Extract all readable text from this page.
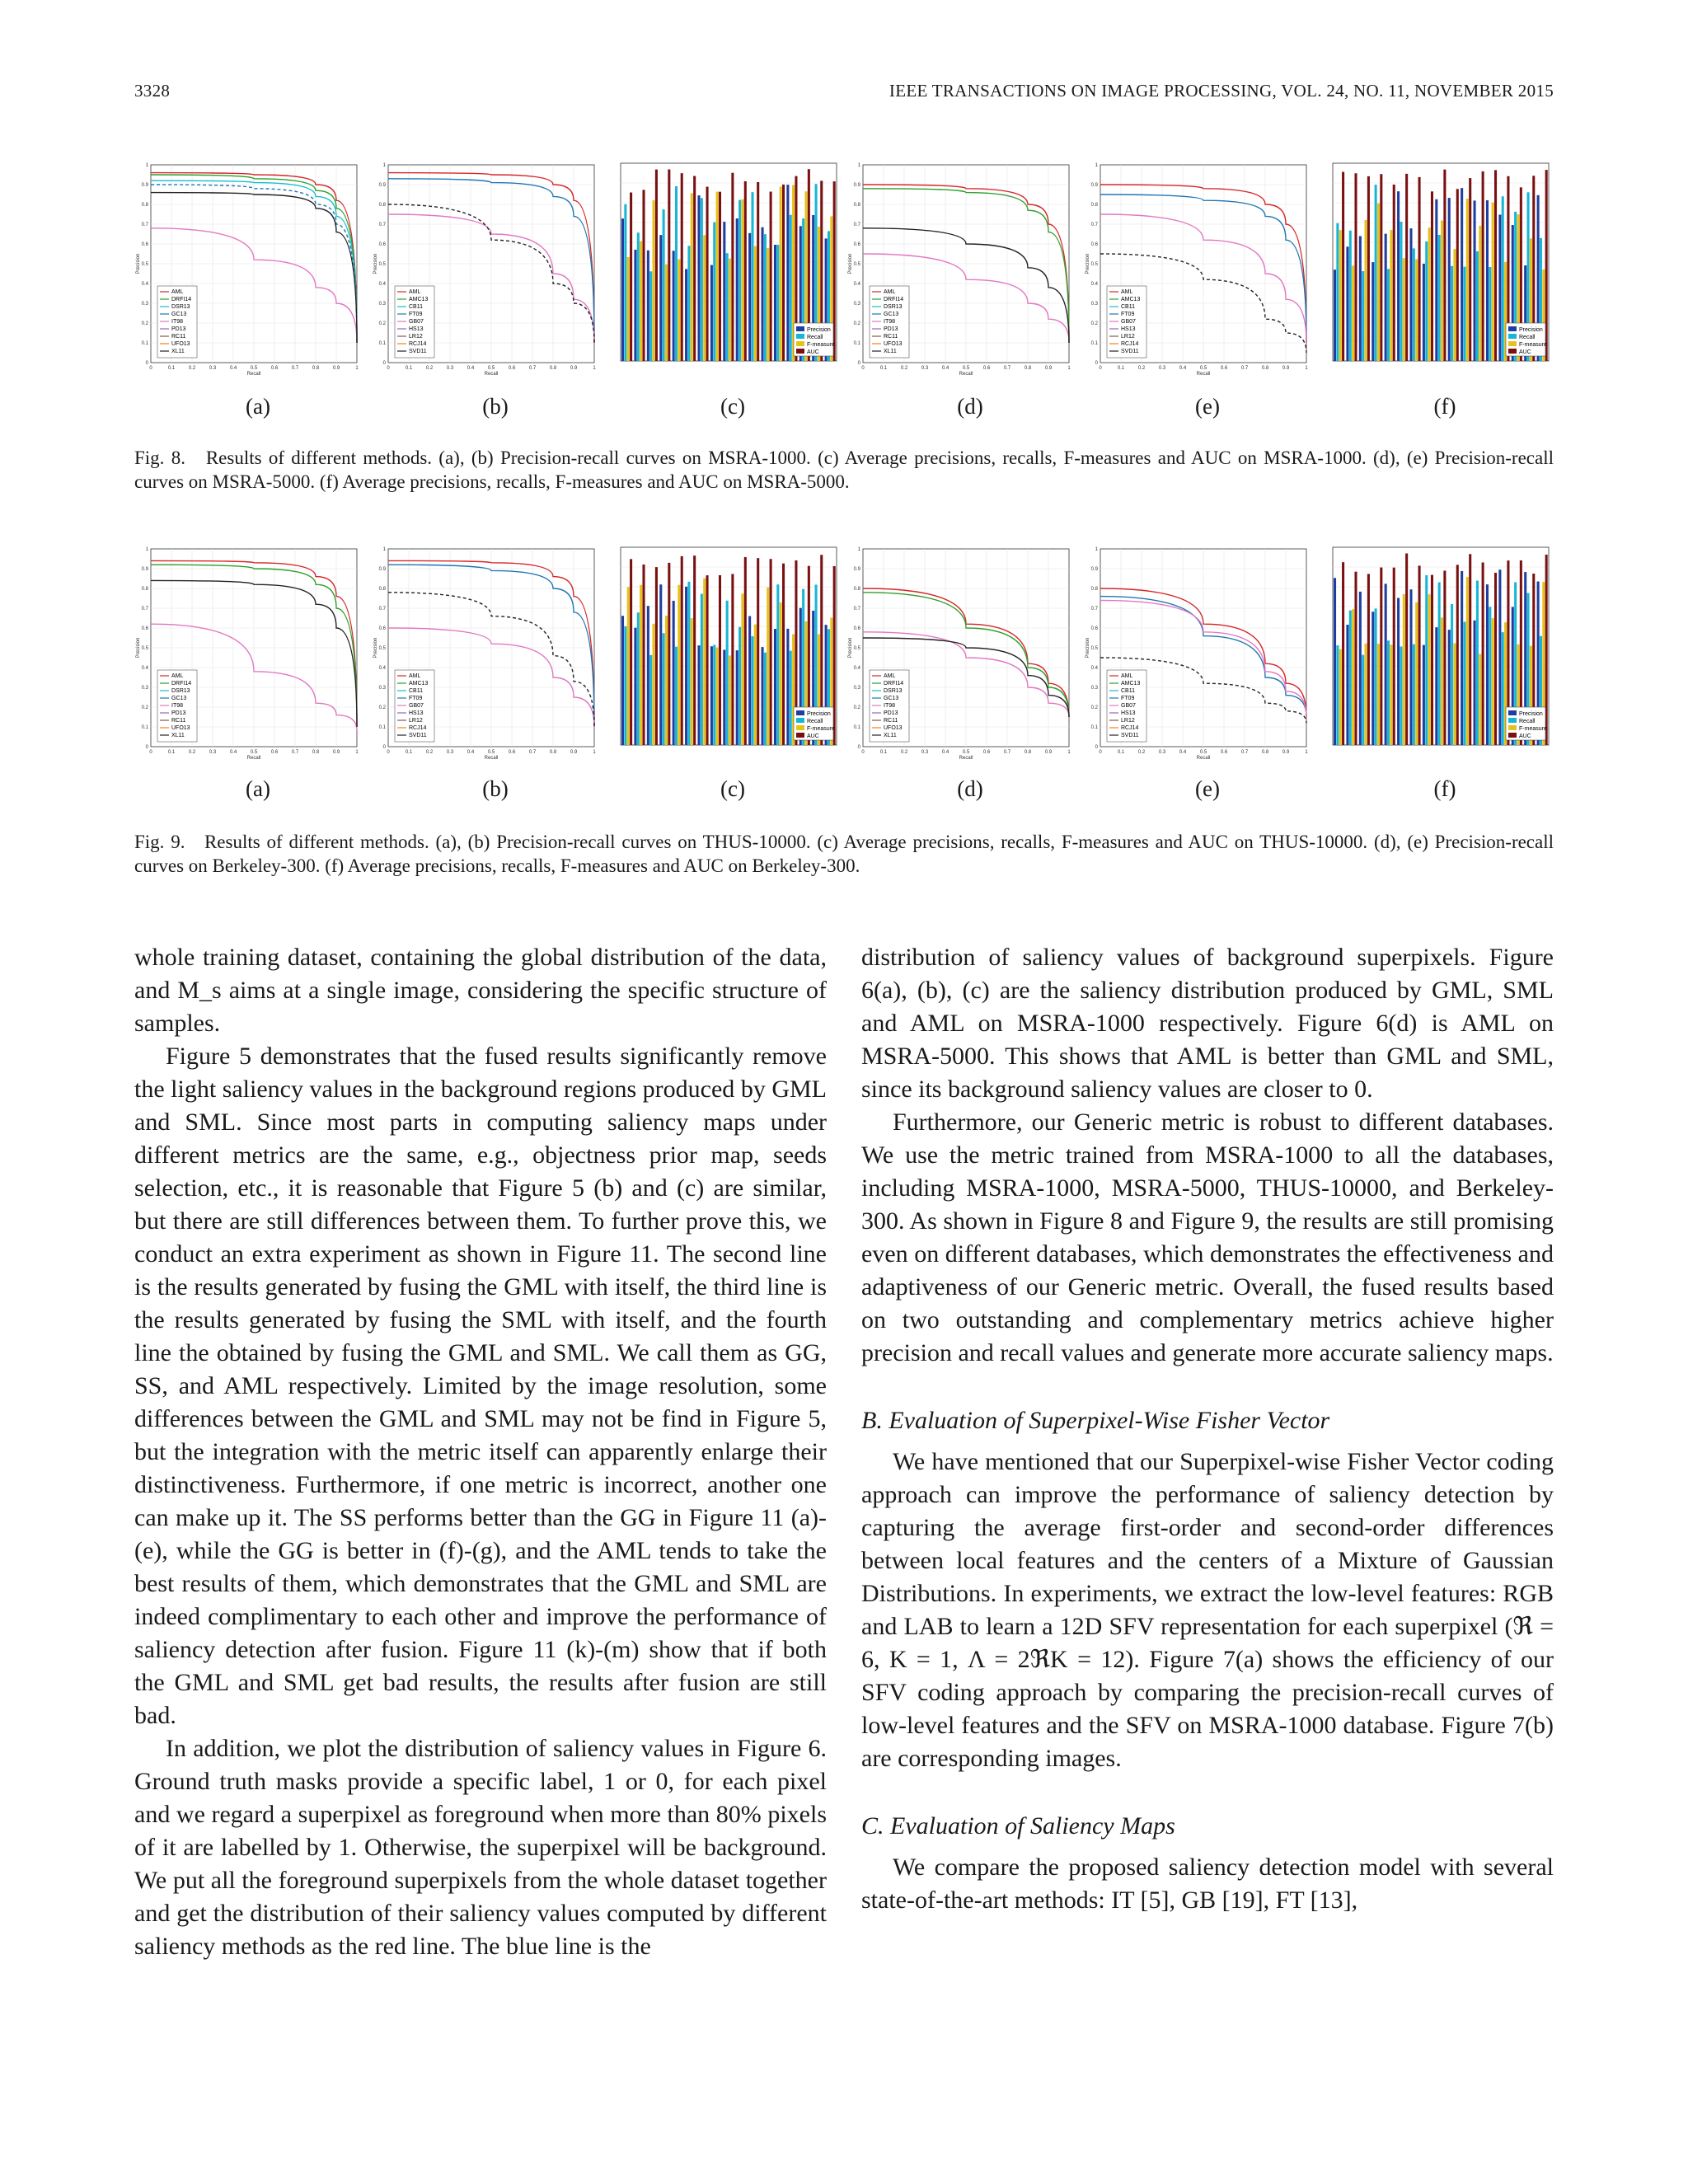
3328	IEEE TRANSACTIONS ON IMAGE PROCESSING, VOL. 24, NO. 11, NOVEMBER 2015
0
0
0.1
0.1
0.2
0.2
0.3
0.3
0.4
0.4
0.5
0.5
0.6
0.6
0.7
0.7
0.8
0.8
0.9
0.9
1
1
Recall
Precision
AML
DRFI14
DSR13
GC13
IT98
PD13
RC11
UFO13
XL11
0
0
0.1
0.1
0.2
0.2
0.3
0.3
0.4
0.4
0.5
0.5
0.6
0.6
0.7
0.7
0.8
0.8
0.9
0.9
1
1
Recall
Precision
AML
AMC13
CB11
FT09
GB07
HS13
LR12
RCJ14
SVD11
Precision
Recall
F-measure
AUC
0
0
0.1
0.1
0.2
0.2
0.3
0.3
0.4
0.4
0.5
0.5
0.6
0.6
0.7
0.7
0.8
0.8
0.9
0.9
1
1
Recall
Precision
AML
DRFI14
DSR13
GC13
IT98
PD13
RC11
UFO13
XL11
0
0
0.1
0.1
0.2
0.2
0.3
0.3
0.4
0.4
0.5
0.5
0.6
0.6
0.7
0.7
0.8
0.8
0.9
0.9
1
1
Recall
Precision
AML
AMC13
CB11
FT09
GB07
HS13
LR12
RCJ14
SVD11
Precision
Recall
F-measure
AUC
(a)	(b)	(c)	(d)	(e)	(f)
Fig. 8. Results of different methods. (a), (b) Precision-recall curves on MSRA-1000. (c) Average precisions, recalls, F-measures and AUC on MSRA-1000. (d), (e) Precision-recall curves on MSRA-5000. (f) Average precisions, recalls, F-measures and AUC on MSRA-5000.
0
0
0.1
0.1
0.2
0.2
0.3
0.3
0.4
0.4
0.5
0.5
0.6
0.6
0.7
0.7
0.8
0.8
0.9
0.9
1
1
Recall
Precision
AML
DRFI14
DSR13
GC13
IT98
PD13
RC11
UFO13
XL11
0
0
0.1
0.1
0.2
0.2
0.3
0.3
0.4
0.4
0.5
0.5
0.6
0.6
0.7
0.7
0.8
0.8
0.9
0.9
1
1
Recall
Precision
AML
AMC13
CB11
FT09
GB07
HS13
LR12
RCJ14
SVD11
Precision
Recall
F-measure
AUC
0
0
0.1
0.1
0.2
0.2
0.3
0.3
0.4
0.4
0.5
0.5
0.6
0.6
0.7
0.7
0.8
0.8
0.9
0.9
1
1
Recall
Precision
AML
DRFI14
DSR13
GC13
IT98
PD13
RC11
UFO13
XL11
0
0
0.1
0.1
0.2
0.2
0.3
0.3
0.4
0.4
0.5
0.5
0.6
0.6
0.7
0.7
0.8
0.8
0.9
0.9
1
1
Recall
Precision
AML
AMC13
CB11
FT09
GB07
HS13
LR12
RCJ14
SVD11
Precision
Recall
F-measure
AUC
(a)	(b)	(c)	(d)	(e)	(f)
Fig. 9. Results of different methods. (a), (b) Precision-recall curves on THUS-10000. (c) Average precisions, recalls, F-measures and AUC on THUS-10000. (d), (e) Precision-recall curves on Berkeley-300. (f) Average precisions, recalls, F-measures and AUC on Berkeley-300.

whole training dataset, containing the global distribution of the data, and M_s aims at a single image, considering the specific structure of samples.

Figure 5 demonstrates that the fused results significantly remove the light saliency values in the background regions produced by GML and SML. Since most parts in computing saliency maps under different metrics are the same, e.g., objectness prior map, seeds selection, etc., it is reasonable that Figure 5 (b) and (c) are similar, but there are still differences between them. To further prove this, we conduct an extra experiment as shown in Figure 11. The second line is the results generated by fusing the GML with itself, the third line is the results generated by fusing the SML with itself, and the fourth line the obtained by fusing the GML and SML. We call them as GG, SS, and AML respectively. Limited by the image resolution, some differences between the GML and SML may not be find in Figure 5, but the integration with the metric itself can apparently enlarge their distinctiveness. Furthermore, if one metric is incorrect, another one can make up it. The SS performs better than the GG in Figure 11 (a)-(e), while the GG is better in (f)-(g), and the AML tends to take the best results of them, which demonstrates that the GML and SML are indeed complimentary to each other and improve the performance of saliency detection after fusion. Figure 11 (k)-(m) show that if both the GML and SML get bad results, the results after fusion are still bad.

In addition, we plot the distribution of saliency values in Figure 6. Ground truth masks provide a specific label, 1 or 0, for each pixel and we regard a superpixel as foreground when more than 80% pixels of it are labelled by 1. Otherwise, the superpixel will be background. We put all the foreground superpixels from the whole dataset together and get the distribution of their saliency values computed by different saliency methods as the red line. The blue line is the

distribution of saliency values of background superpixels. Figure 6(a), (b), (c) are the saliency distribution produced by GML, SML and AML on MSRA-1000 respectively. Figure 6(d) is AML on MSRA-5000. This shows that AML is better than GML and SML, since its background saliency values are closer to 0.

Furthermore, our Generic metric is robust to different databases. We use the metric trained from MSRA-1000 to all the databases, including MSRA-1000, MSRA-5000, THUS-10000, and Berkeley-300. As shown in Figure 8 and Figure 9, the results are still promising even on different databases, which demonstrates the effectiveness and adaptiveness of our Generic metric. Overall, the fused results based on two outstanding and complementary metrics achieve higher precision and recall values and generate more accurate saliency maps.

B. Evaluation of Superpixel-Wise Fisher Vector

We have mentioned that our Superpixel-wise Fisher Vector coding approach can improve the performance of saliency detection by capturing the average first-order and second-order differences between local features and the centers of a Mixture of Gaussian Distributions. In experiments, we extract the low-level features: RGB and LAB to learn a 12D SFV representation for each superpixel (ℜ = 6, K = 1, Λ = 2ℜK = 12). Figure 7(a) shows the efficiency of our SFV coding approach by comparing the precision-recall curves of low-level features and the SFV on MSRA-1000 database. Figure 7(b) are corresponding images.

C. Evaluation of Saliency Maps

We compare the proposed saliency detection model with several state-of-the-art methods: IT [5], GB [19], FT [13],
